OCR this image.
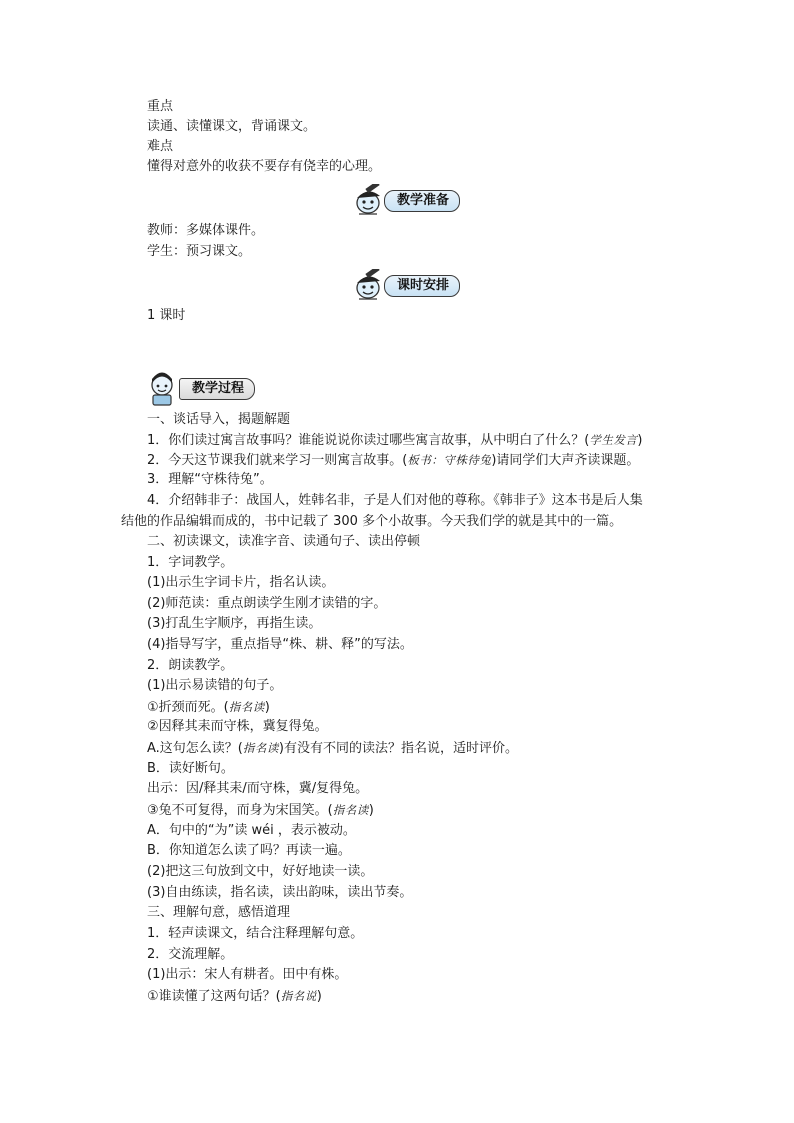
重点
读通、读懂课文，背诵课文。
难点
懂得对意外的收获不要存有侥幸的心理。
教学准备
教师：多媒体课件。
学生：预习课文。
课时安排
1 课时
教学过程
一、谈话导入，揭题解题
1．你们读过寓言故事吗？谁能说说你读过哪些寓言故事，从中明白了什么？(学生发言)
2．今天这节课我们就来学习一则寓言故事。(板书：守株待兔)请同学们大声齐读课题。
3．理解“守株待兔”。
4．介绍韩非子：战国人，姓韩名非，子是人们对他的尊称。《韩非子》这本书是后人集
结他的作品编辑而成的，书中记载了 300 多个小故事。今天我们学的就是其中的一篇。
二、初读课文，读准字音、读通句子、读出停顿
1．字词教学。
(1)出示生字词卡片，指名认读。
(2)师范读：重点朗读学生刚才读错的字。
(3)打乱生字顺序，再指生读。
(4)指导写字，重点指导“株、耕、释”的写法。
2．朗读教学。
(1)出示易读错的句子。
①折颈而死。(指名读)
②因释其耒而守株，冀复得兔。
A.这句怎么读？(指名读)有没有不同的读法？指名说，适时评价。
B．读好断句。
出示：因/释其耒/而守株，冀/复得兔。
③兔不可复得，而身为宋国笑。(指名读)
A．句中的“为”读 wéi ，表示被动。
B．你知道怎么读了吗？再读一遍。
(2)把这三句放到文中，好好地读一读。
(3)自由练读，指名读，读出韵味，读出节奏。
三、理解句意，感悟道理
1．轻声读课文，结合注释理解句意。
2．交流理解。
(1)出示：宋人有耕者。田中有株。
①谁读懂了这两句话？(指名说)
